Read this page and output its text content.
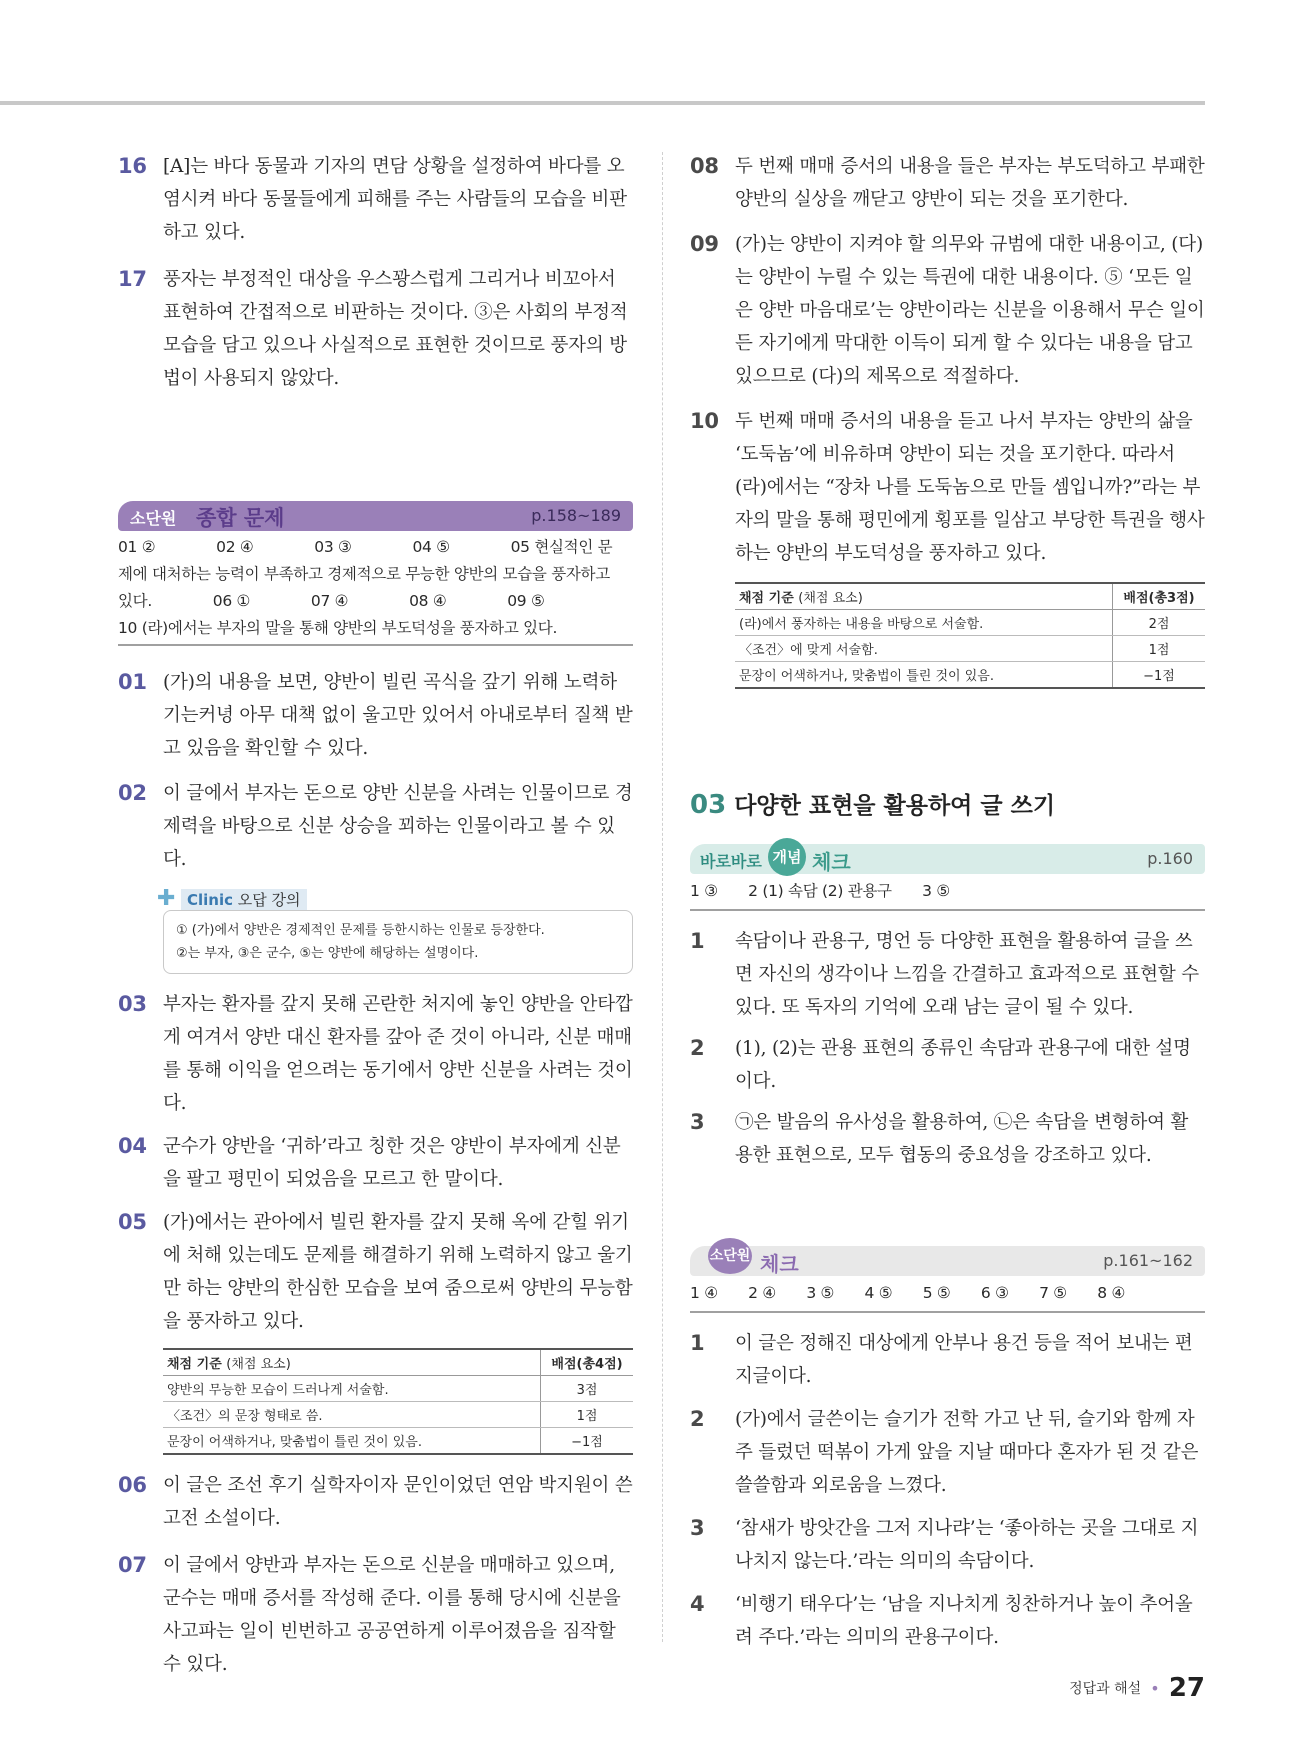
16 [A]는 바다 동물과 기자의 면담 상황을 설정하여 바다를 오염시켜 바다 동물들에게 피해를 주는 사람들의 모습을 비판하고 있다.
17 풍자는 부정적인 대상을 우스꽝스럽게 그리거나 비꼬아서 표현하여 간접적으로 비판하는 것이다. ③은 사회의 부정적 모습을 담고 있으나 사실적으로 표현한 것이므로 풍자의 방법이 사용되지 않았다.
소단원 종합 문제	p.158~189
01 ②　　　　02 ④　　　　03 ③　　　　04 ⑤　　　　05 현실적인 문
제에 대처하는 능력이 부족하고 경제적으로 무능한 양반의 모습을 풍자하고
있다.　　　　06 ①　　　　07 ④　　　　08 ④　　　　09 ⑤
10 (라)에서는 부자의 말을 통해 양반의 부도덕성을 풍자하고 있다.
01 (가)의 내용을 보면, 양반이 빌린 곡식을 갚기 위해 노력하기는커녕 아무 대책 없이 울고만 있어서 아내로부터 질책 받고 있음을 확인할 수 있다.
02 이 글에서 부자는 돈으로 양반 신분을 사려는 인물이므로 경제력을 바탕으로 신분 상승을 꾀하는 인물이라고 볼 수 있다.
✚ Clinic 오답 강의
① (가)에서 양반은 경제적인 문제를 등한시하는 인물로 등장한다.
②는 부자, ③은 군수, ⑤는 양반에 해당하는 설명이다.
03 부자는 환자를 갚지 못해 곤란한 처지에 놓인 양반을 안타깝게 여겨서 양반 대신 환자를 갚아 준 것이 아니라, 신분 매매를 통해 이익을 얻으려는 동기에서 양반 신분을 사려는 것이다.
04 군수가 양반을 ‘귀하’라고 칭한 것은 양반이 부자에게 신분을 팔고 평민이 되었음을 모르고 한 말이다.
05 (가)에서는 관아에서 빌린 환자를 갚지 못해 옥에 갇힐 위기에 처해 있는데도 문제를 해결하기 위해 노력하지 않고 울기만 하는 양반의 한심한 모습을 보여 줌으로써 양반의 무능함을 풍자하고 있다.
채점 기준 (채점 요소)	배점(총4점)
양반의 무능한 모습이 드러나게 서술함.	3점
〈조건〉의 문장 형태로 씀.	1점
문장이 어색하거나, 맞춤법이 틀린 것이 있음.	−1점
06 이 글은 조선 후기 실학자이자 문인이었던 연암 박지원이 쓴 고전 소설이다.
07 이 글에서 양반과 부자는 돈으로 신분을 매매하고 있으며, 군수는 매매 증서를 작성해 준다. 이를 통해 당시에 신분을 사고파는 일이 빈번하고 공공연하게 이루어졌음을 짐작할 수 있다.
08 두 번째 매매 증서의 내용을 들은 부자는 부도덕하고 부패한 양반의 실상을 깨닫고 양반이 되는 것을 포기한다.
09 (가)는 양반이 지켜야 할 의무와 규범에 대한 내용이고, (다)는 양반이 누릴 수 있는 특권에 대한 내용이다. ⑤ ‘모든 일은 양반 마음대로’는 양반이라는 신분을 이용해서 무슨 일이든 자기에게 막대한 이득이 되게 할 수 있다는 내용을 담고 있으므로 (다)의 제목으로 적절하다.
10 두 번째 매매 증서의 내용을 듣고 나서 부자는 양반의 삶을 ‘도둑놈’에 비유하며 양반이 되는 것을 포기한다. 따라서 (라)에서는 “장차 나를 도둑놈으로 만들 셈입니까?”라는 부자의 말을 통해 평민에게 횡포를 일삼고 부당한 특권을 행사하는 양반의 부도덕성을 풍자하고 있다.
채점 기준 (채점 요소)	배점(총3점)
(라)에서 풍자하는 내용을 바탕으로 서술함.	2점
〈조건〉에 맞게 서술함.	1점
문장이 어색하거나, 맞춤법이 틀린 것이 있음.	−1점
03 다양한 표현을 활용하여 글 쓰기
바로바로 개념 체크	p.160
1 ③　　2 (1) 속담 (2) 관용구　　3 ⑤
1 속담이나 관용구, 명언 등 다양한 표현을 활용하여 글을 쓰면 자신의 생각이나 느낌을 간결하고 효과적으로 표현할 수 있다. 또 독자의 기억에 오래 남는 글이 될 수 있다.
2 (1), (2)는 관용 표현의 종류인 속담과 관용구에 대한 설명이다.
3 ㉠은 발음의 유사성을 활용하여, ㉡은 속담을 변형하여 활용한 표현으로, 모두 협동의 중요성을 강조하고 있다.
소단원 체크	p.161~162
1 ④　　2 ④　　3 ⑤　　4 ⑤　　5 ⑤　　6 ③　　7 ⑤　　8 ④
1 이 글은 정해진 대상에게 안부나 용건 등을 적어 보내는 편지글이다.
2 (가)에서 글쓴이는 슬기가 전학 가고 난 뒤, 슬기와 함께 자주 들렀던 떡볶이 가게 앞을 지날 때마다 혼자가 된 것 같은 쓸쓸함과 외로움을 느꼈다.
3 ‘참새가 방앗간을 그저 지나랴’는 ‘좋아하는 곳을 그대로 지나치지 않는다.’라는 의미의 속담이다.
4 ‘비행기 태우다’는 ‘남을 지나치게 칭찬하거나 높이 추어올려 주다.’라는 의미의 관용구이다.
정답과 해설 • 27
